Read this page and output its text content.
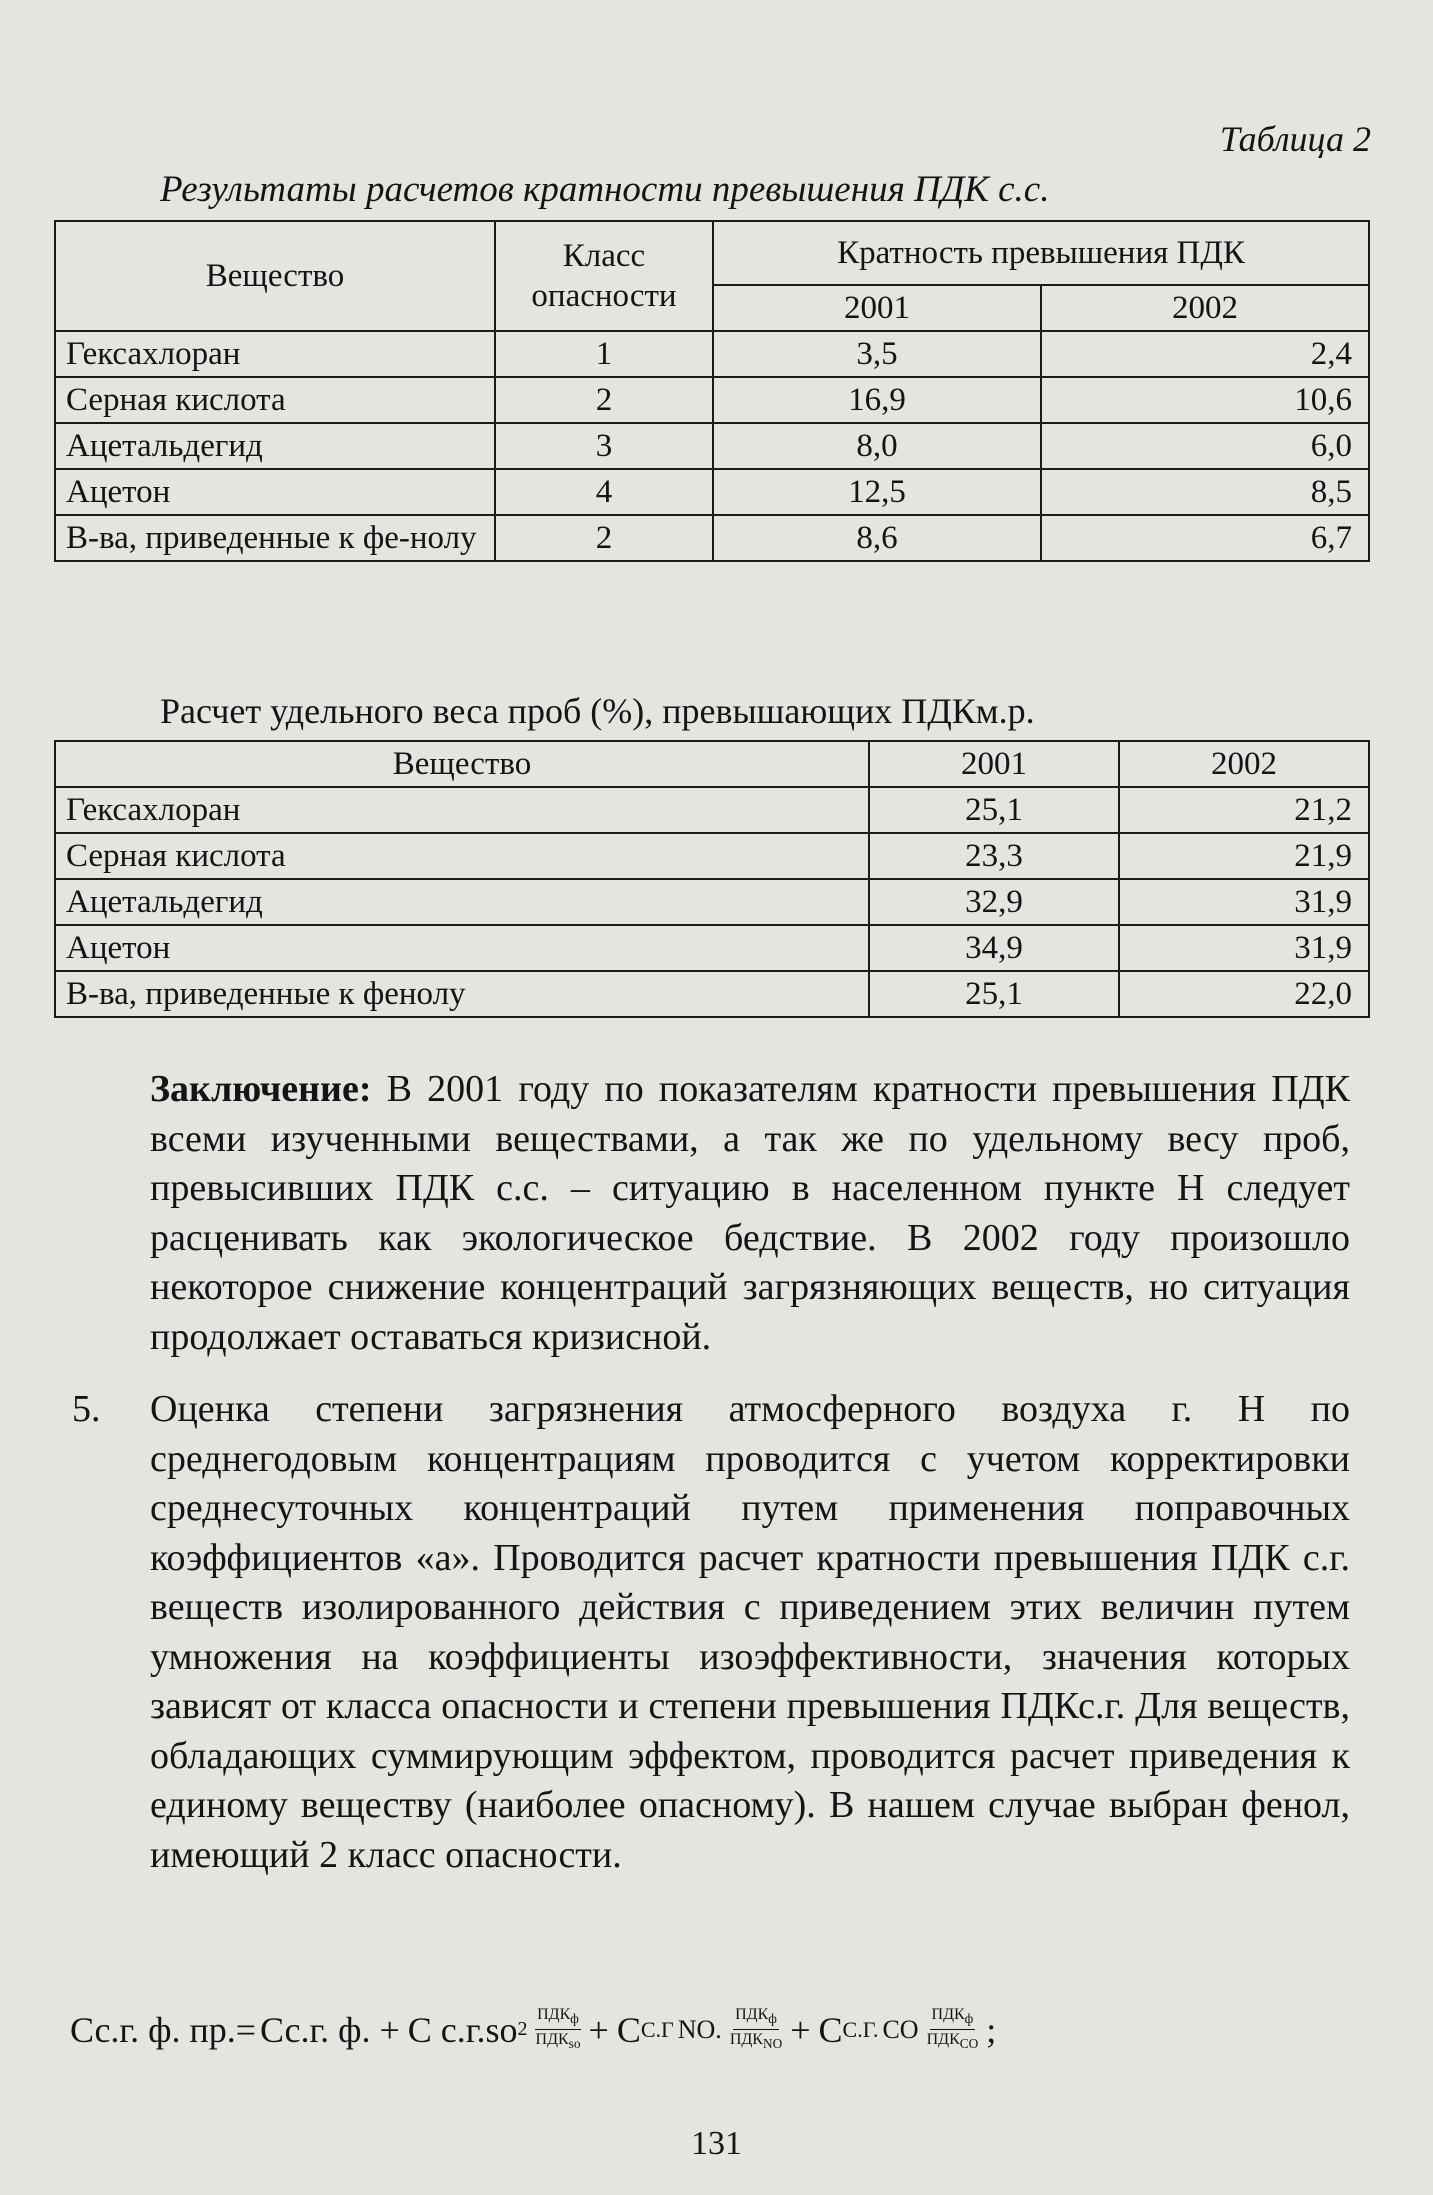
Таблица 2
Результаты расчетов кратности превышения ПДК с.с.
Вещество	Класс опасности	Кратность превышения ПДК	
		2001	2002
Гексахлоран	1	3,5	2,4
Серная кислота	2	16,9	10,6
Ацетальдегид	3	8,0	6,0
Ацетон	4	12,5	8,5
В-ва, приведенные к фе-нолу	2	8,6	6,7
Расчет удельного веса проб (%), превышающих ПДКм.р.
Вещество	2001	2002
Гексахлоран	25,1	21,2
Серная кислота	23,3	21,9
Ацетальдегид	32,9	31,9
Ацетон	34,9	31,9
В-ва, приведенные к фенолу	25,1	22,0
Заключение: В 2001 году по показателям кратности превышения ПДК всеми изученными веществами, а так же по удельному весу проб, превысивших ПДК с.с. – ситуацию в населенном пункте Н следует расценивать как экологическое бедствие. В 2002 году произошло некоторое снижение концентраций загрязняющих веществ, но ситуация продолжает оставаться кризисной.
5. Оценка степени загрязнения атмосферного воздуха г. Н по среднегодовым концентрациям проводится с учетом корректировки среднесуточных концентраций путем применения поправочных коэффициентов «а». Проводится расчет кратности превышения ПДК с.г. веществ изолированного действия с приведением этих величин путем умножения на коэффициенты изоэффективности, значения которых зависят от класса опасности и степени превышения ПДКс.г. Для веществ, обладающих суммирующим эффектом, проводится расчет приведения к единому веществу (наиболее опасному). В нашем случае выбран фенол, имеющий 2 класс опасности.
Сс.г. ф. пр.= Сс.г. ф. + С с.г.so $2 \frac{ПДК_ф}{ПДК_{so}} + С$ С.Г NO. $\frac{ПДК_ф}{ПДК_{NO}} + С$ С.Г. CO $\frac{ПДК_ф}{ПДК_{CO}}$ ;
131
